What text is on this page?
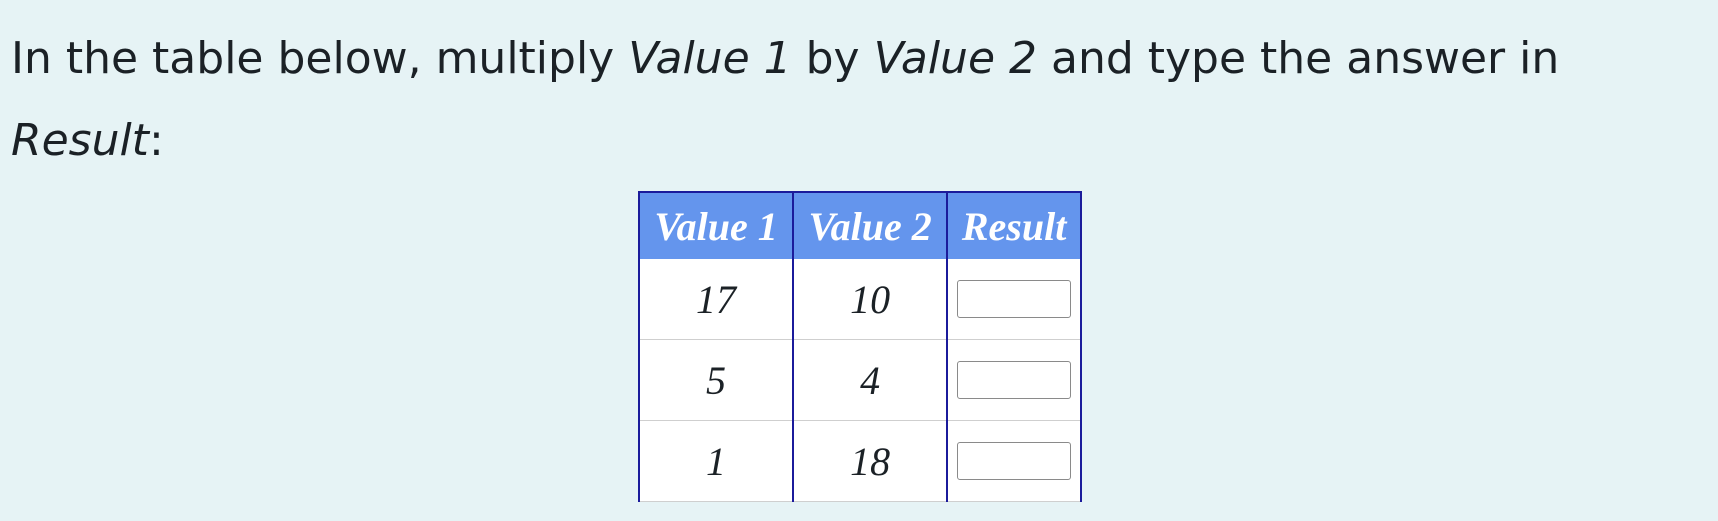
In the table below, multiply Value 1 by Value 2 and type the answer in
Result:

Value 1	Value 2	Result
17	10	

5	4	

1	18	
